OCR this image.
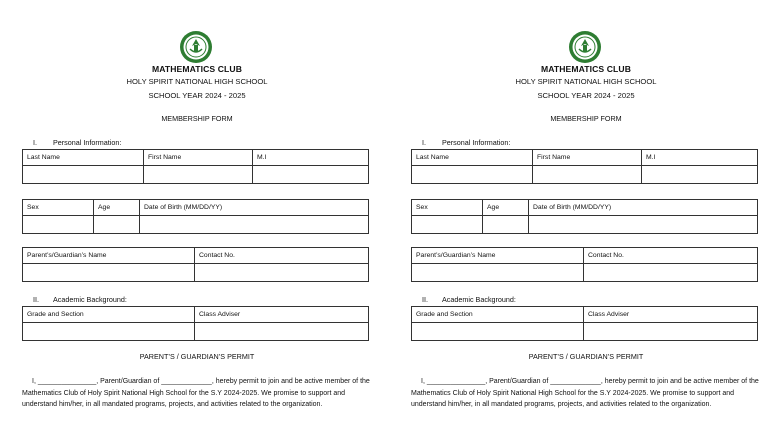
MATHEMATICS CLUB
HOLY SPIRIT NATIONAL HIGH SCHOOL
SCHOOL YEAR 2024 - 2025
MEMBERSHIP FORM
I. Personal Information:
Last Name	First Name	M.I

Sex	Age	Date of Birth (MM/DD/YY)

Parent’s/Guardian’s Name	Contact No.

II. Academic Background:
Grade and Section	Class Adviser

PARENT’S / GUARDIAN’S PERMIT

I, _______________, Parent/Guardian of _____________, hereby permit to join and be active member of the Mathematics Club of Holy Spirit National High School for the S.Y 2024-2025. We promise to support and understand him/her, in all mandated programs, projects, and activities related to the organization.

MATHEMATICS CLUB
HOLY SPIRIT NATIONAL HIGH SCHOOL
SCHOOL YEAR 2024 - 2025
MEMBERSHIP FORM
I. Personal Information:
Last Name	First Name	M.I

Sex	Age	Date of Birth (MM/DD/YY)

Parent’s/Guardian’s Name	Contact No.

II. Academic Background:
Grade and Section	Class Adviser

PARENT’S / GUARDIAN’S PERMIT

I, _______________, Parent/Guardian of _____________, hereby permit to join and be active member of the Mathematics Club of Holy Spirit National High School for the S.Y 2024-2025. We promise to support and understand him/her, in all mandated programs, projects, and activities related to the organization.
